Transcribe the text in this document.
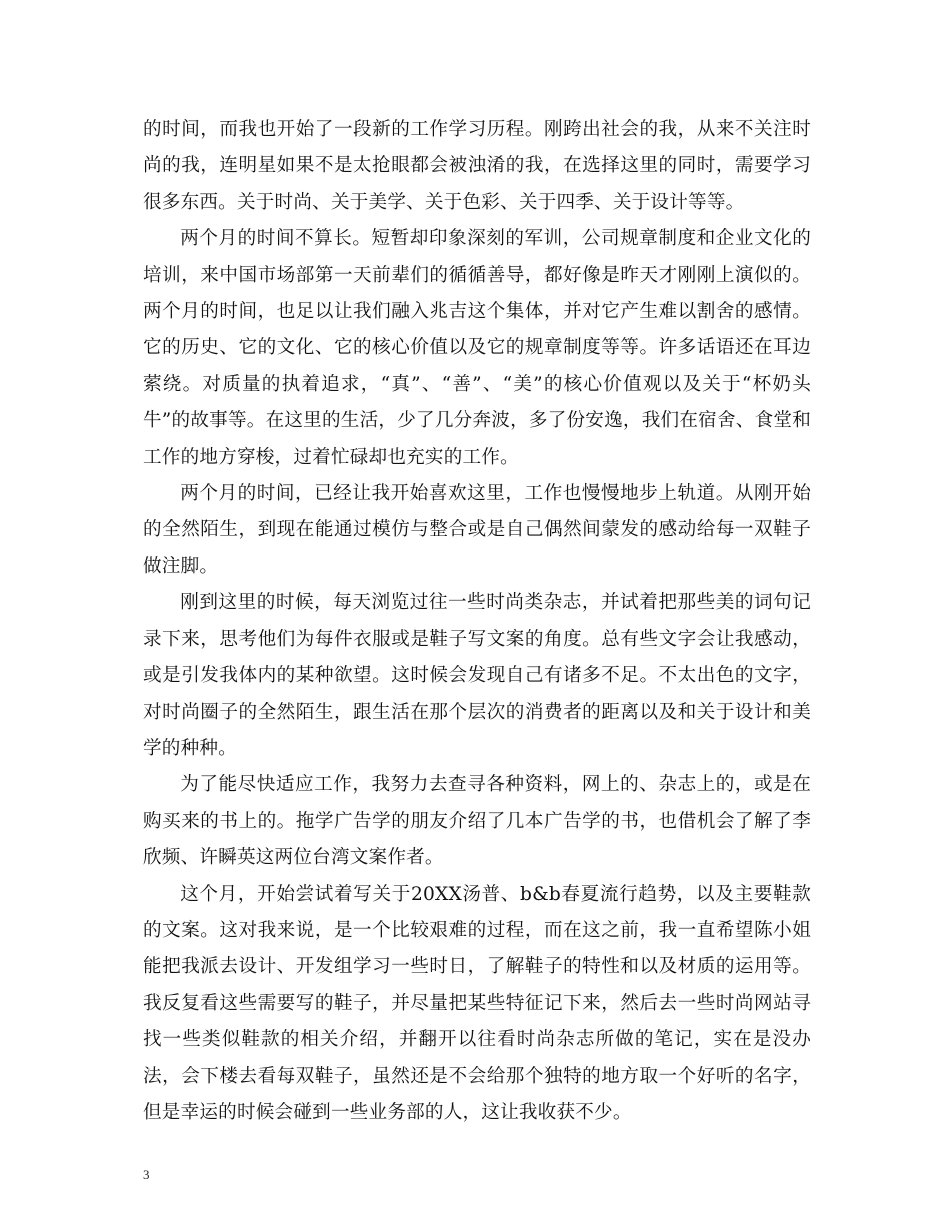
的时间，而我也开始了一段新的工作学习历程。刚跨出社会的我，从来不关注时尚的我，连明星如果不是太抢眼都会被浊淆的我，在选择这里的同时，需要学习很多东西。关于时尚、关于美学、关于色彩、关于四季、关于设计等等。

两个月的时间不算长。短暂却印象深刻的军训，公司规章制度和企业文化的培训，来中国市场部第一天前辈们的循循善导，都好像是昨天才刚刚上演似的。两个月的时间，也足以让我们融入兆吉这个集体，并对它产生难以割舍的感情。它的历史、它的文化、它的核心价值以及它的规章制度等等。许多话语还在耳边萦绕。对质量的执着追求，“真”、“善”、“美”的核心价值观以及关于“杯奶头牛”的故事等。在这里的生活，少了几分奔波，多了份安逸，我们在宿舍、食堂和工作的地方穿梭，过着忙碌却也充实的工作。

两个月的时间，已经让我开始喜欢这里，工作也慢慢地步上轨道。从刚开始的全然陌生，到现在能通过模仿与整合或是自己偶然间蒙发的感动给每一双鞋子做注脚。

刚到这里的时候，每天浏览过往一些时尚类杂志，并试着把那些美的词句记录下来，思考他们为每件衣服或是鞋子写文案的角度。总有些文字会让我感动，或是引发我体内的某种欲望。这时候会发现自己有诸多不足。不太出色的文字，对时尚圈子的全然陌生，跟生活在那个层次的消费者的距离以及和关于设计和美学的种种。

为了能尽快适应工作，我努力去查寻各种资料，网上的、杂志上的，或是在购买来的书上的。拖学广告学的朋友介绍了几本广告学的书，也借机会了解了李欣频、许瞬英这两位台湾文案作者。

这个月，开始尝试着写关于20XX汤普、b&b春夏流行趋势，以及主要鞋款的文案。这对我来说，是一个比较艰难的过程，而在这之前，我一直希望陈小姐能把我派去设计、开发组学习一些时日，了解鞋子的特性和以及材质的运用等。我反复看这些需要写的鞋子，并尽量把某些特征记下来，然后去一些时尚网站寻找一些类似鞋款的相关介绍，并翻开以往看时尚杂志所做的笔记，实在是没办法，会下楼去看每双鞋子，虽然还是不会给那个独特的地方取一个好听的名字，但是幸运的时候会碰到一些业务部的人，这让我收获不少。

3
